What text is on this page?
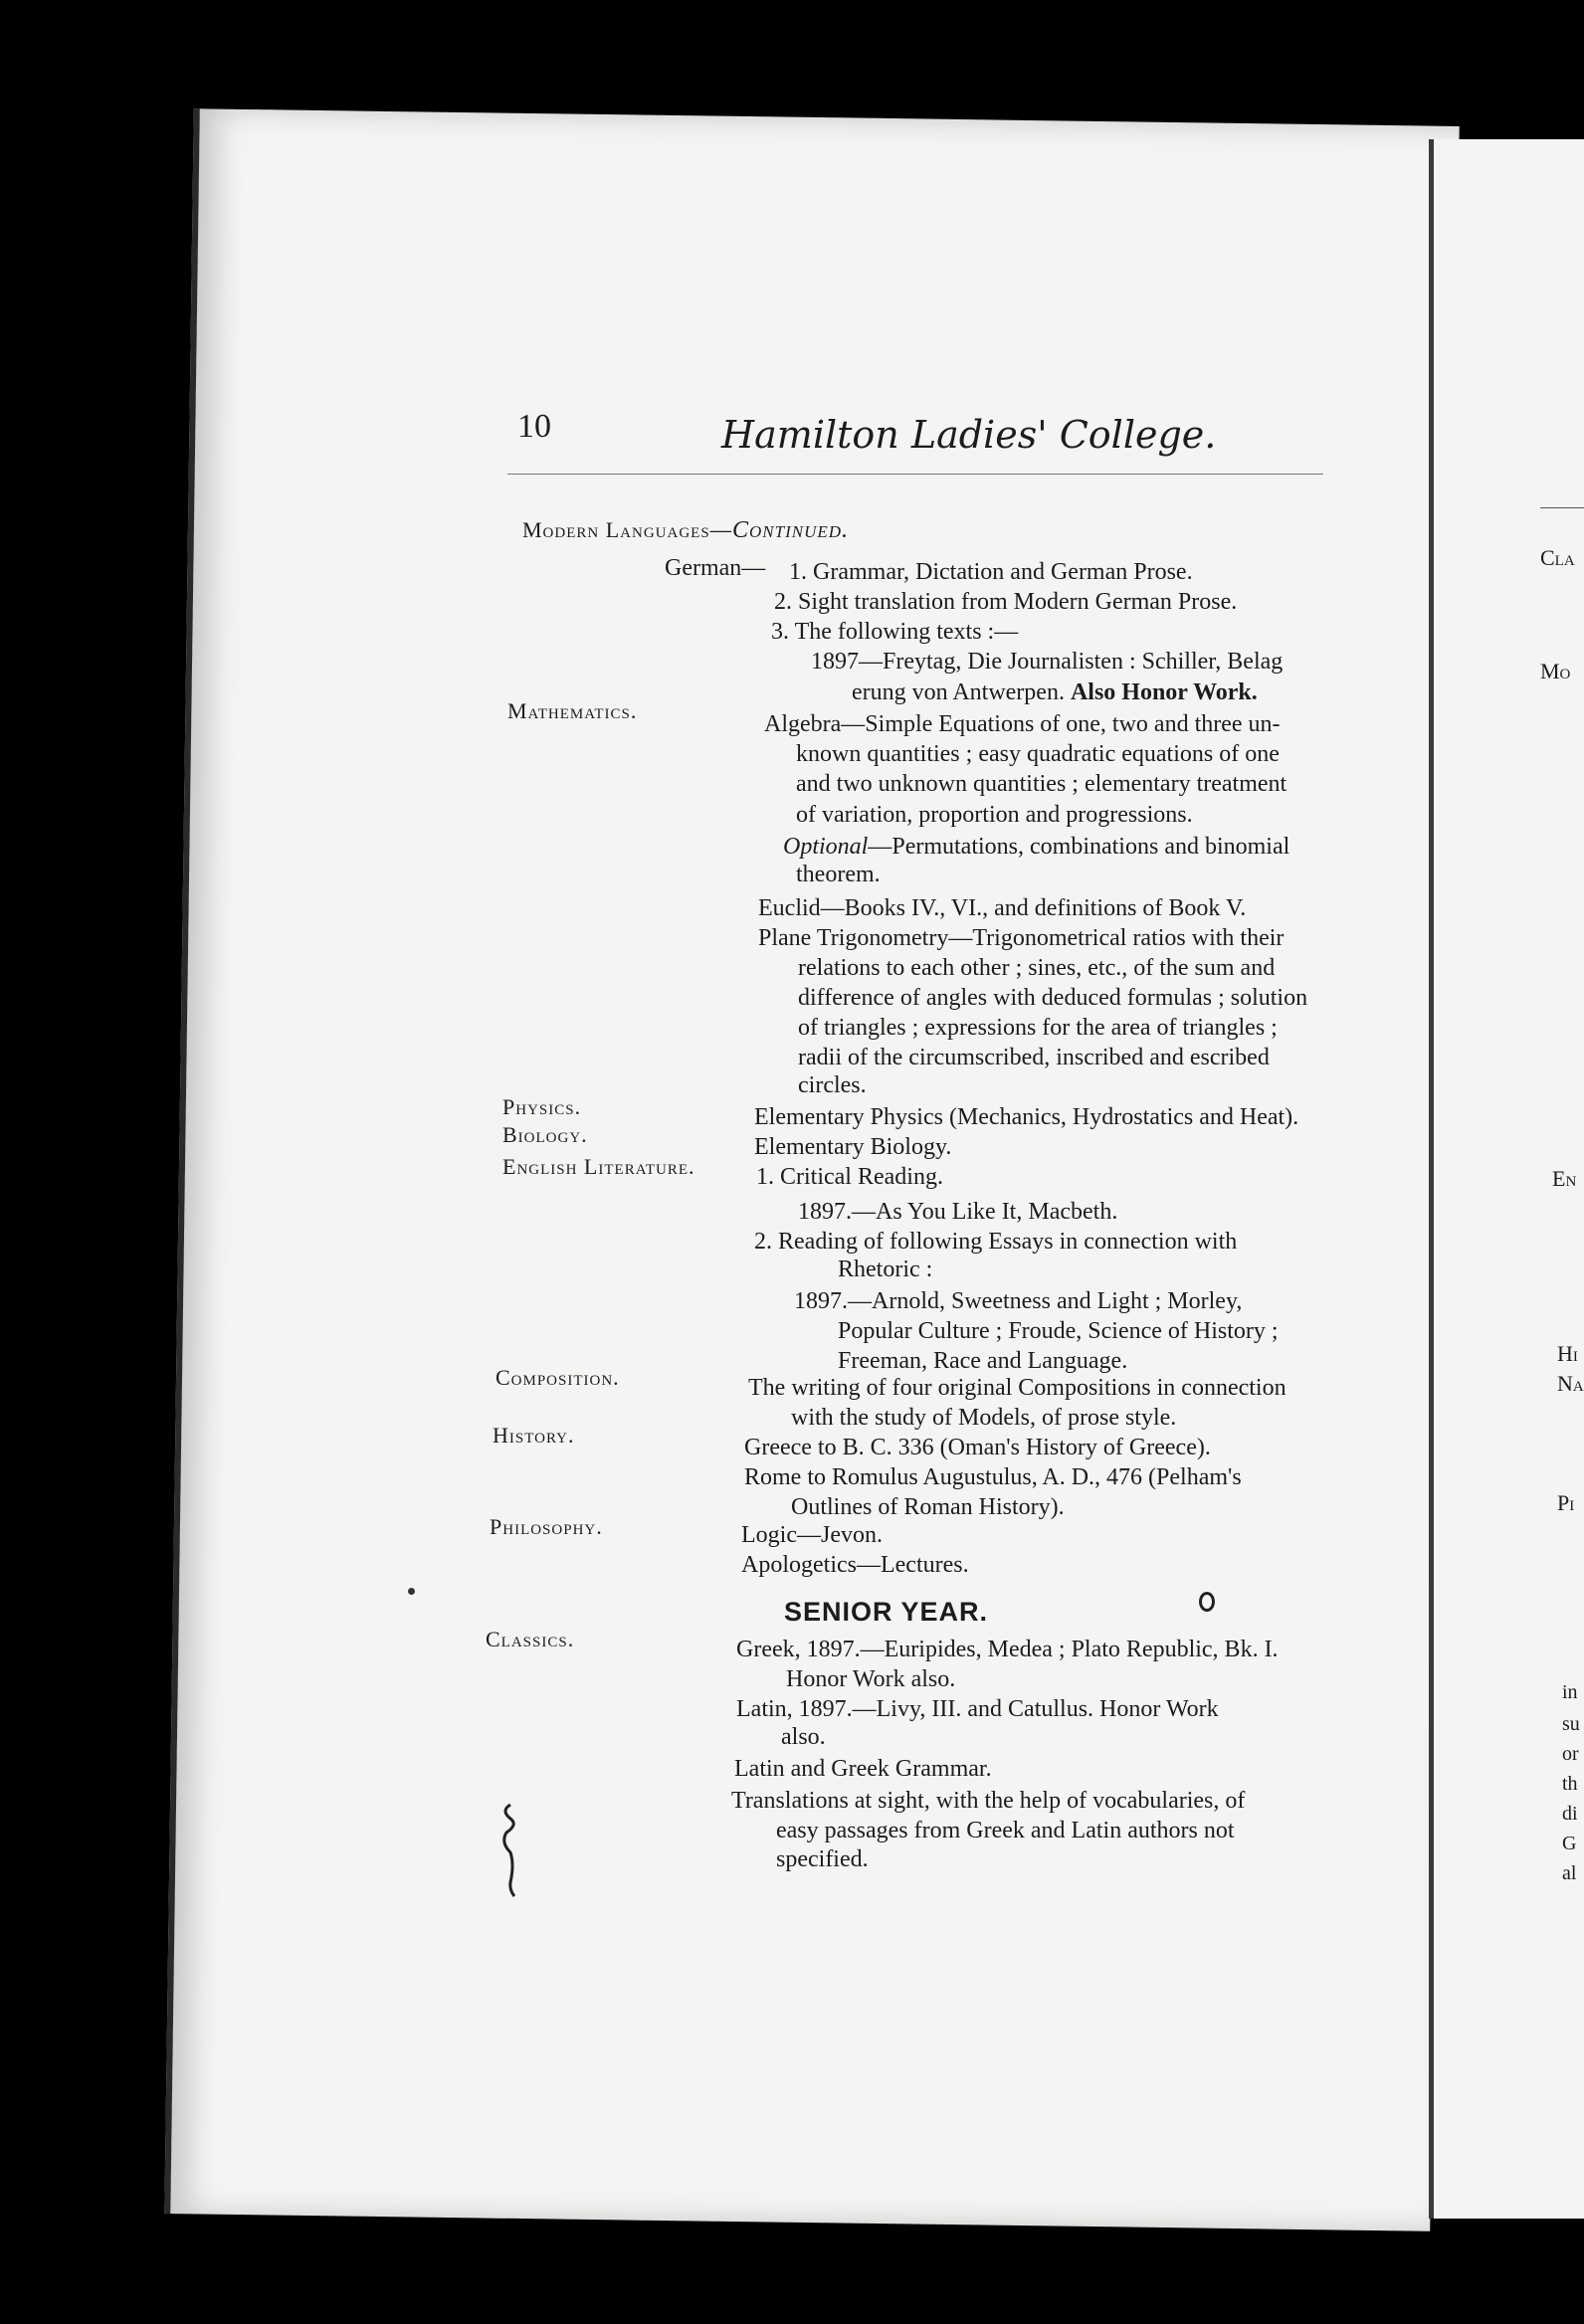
10	Hamilton Ladies' College.
Modern Languages—Continued.
German— 1. Grammar, Dictation and German Prose.
2. Sight translation from Modern German Prose.
3. The following texts :—
1897—Freytag, Die Journalisten : Schiller, Belag
erung von Antwerpen. Also Honor Work.
Mathematics.
Algebra—Simple Equations of one, two and three un-
known quantities ; easy quadratic equations of one
and two unknown quantities ; elementary treatment
of variation, proportion and progressions.
Optional—Permutations, combinations and binomial
theorem.
Euclid—Books IV., VI., and definitions of Book V.
Plane Trigonometry—Trigonometrical ratios with their
relations to each other ; sines, etc., of the sum and
difference of angles with deduced formulas ; solution
of triangles ; expressions for the area of triangles ;
radii of the circumscribed, inscribed and escribed
circles.
Physics.	Elementary Physics (Mechanics, Hydrostatics and Heat).
Biology.	Elementary Biology.
English Literature.	1. Critical Reading.
1897.—As You Like It, Macbeth.
2. Reading of following Essays in connection with
Rhetoric :
1897.—Arnold, Sweetness and Light ; Morley,
Popular Culture ; Froude, Science of History ;
Freeman, Race and Language.
Composition.	The writing of four original Compositions in connection
with the study of Models, of prose style.
History.	Greece to B. C. 336 (Oman's History of Greece).
Rome to Romulus Augustulus, A. D., 476 (Pelham's
Outlines of Roman History).
Philosophy.	Logic—Jevon.
Apologetics—Lectures.
SENIOR YEAR.
Classics.	Greek, 1897.—Euripides, Medea ; Plato Republic, Bk. I.
Honor Work also.
Latin, 1897.—Livy, III. and Catullus. Honor Work
also.
Latin and Greek Grammar.
Translations at sight, with the help of vocabularies, of
easy passages from Greek and Latin authors not
specified.
Cla
Mo
En
Hi
Na
Pi
in
su
or
th
di
G
al
